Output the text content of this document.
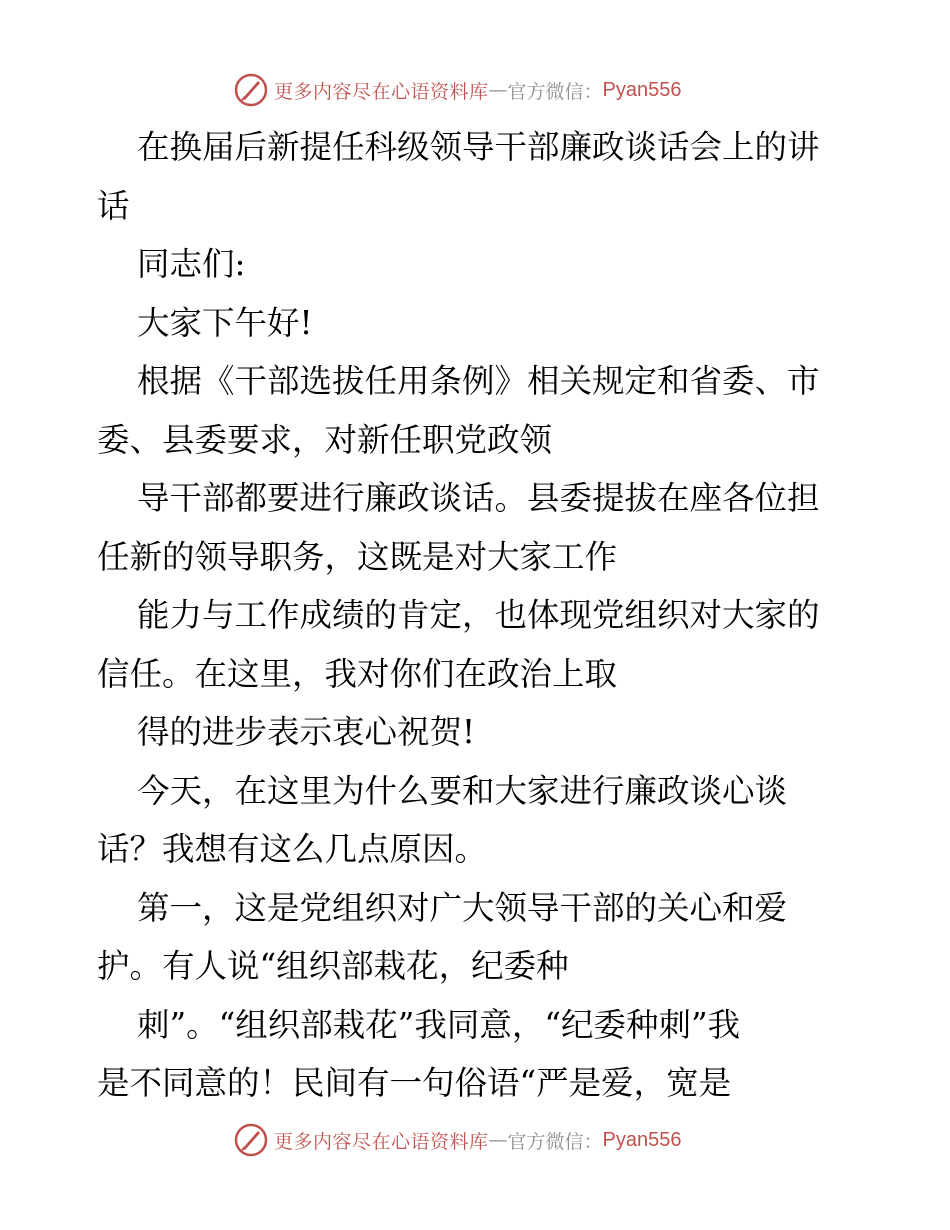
更多内容尽在心语资料库 — 官方微信： Pyan556
在换届后新提任科级领导干部廉政谈话会上的讲
话
同志们:
大家下午好!
根据《干部选拔任用条例》相关规定和省委、市
委、县委要求，对新任职党政领
导干部都要进行廉政谈话。县委提拔在座各位担
任新的领导职务，这既是对大家工作
能力与工作成绩的肯定，也体现党组织对大家的
信任。在这里，我对你们在政治上取
得的进步表示衷心祝贺!
今天，在这里为什么要和大家进行廉政谈心谈
话？我想有这么几点原因。
第一，这是党组织对广大领导干部的关心和爱
护。有人说“组织部栽花，纪委种
刺”。“组织部栽花”我同意，“纪委种刺”我
是不同意的！民间有一句俗语“严是爱，宽是
更多内容尽在心语资料库 — 官方微信： Pyan556
